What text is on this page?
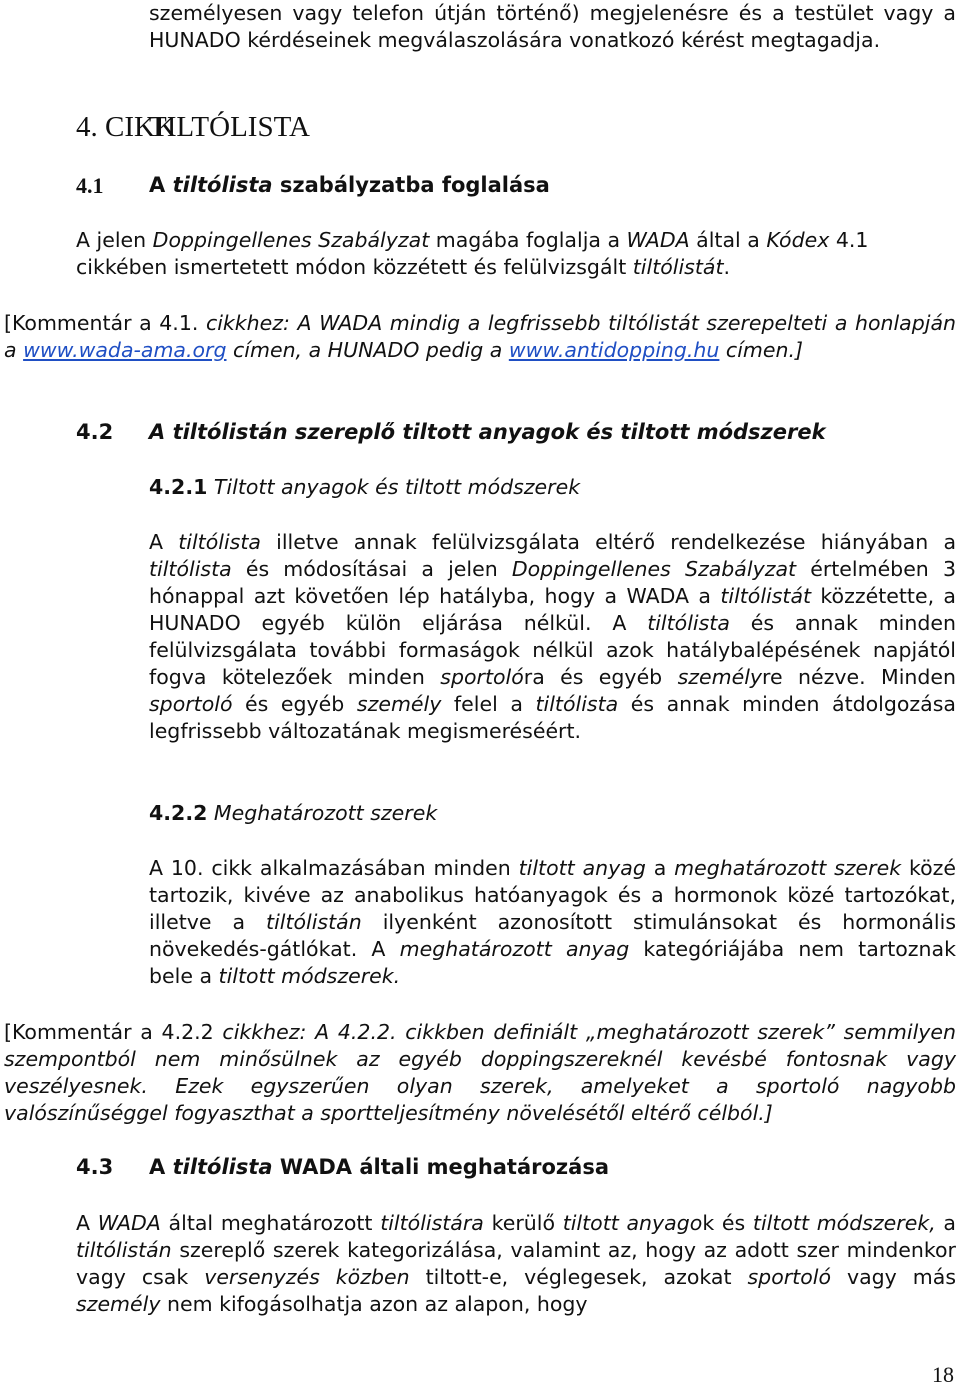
személyesen vagy telefon útján történő) megjelenésre és a testület vagy a HUNADO kérdéseinek megválaszolására vonatkozó kérést megtagadja.

4. CIKK
TILTÓLISTA
4.1 A tiltólista szabályzatba foglalása

A jelen Doppingellenes Szabályzat magába foglalja a WADA által a Kódex 4.1 cikkében ismertetett módon közzétett és felülvizsgált tiltólistát.

[Kommentár a 4.1. cikkhez: A WADA mindig a legfrissebb tiltólistát szerepelteti a honlapján a www.wada-ama.org címen, a HUNADO pedig a www.antidopping.hu címen.]

4.2 A tiltólistán szereplő tiltott anyagok és tiltott módszerek
4.2.1 Tiltott anyagok és tiltott módszerek

A tiltólista illetve annak felülvizsgálata eltérő rendelkezése hiányában a tiltólista és módosításai a jelen Doppingellenes Szabályzat értelmében 3 hónappal azt követően lép hatályba, hogy a WADA a tiltólistát közzétette, a HUNADO egyéb külön eljárása nélkül. A tiltólista és annak minden felülvizsgálata további formaságok nélkül azok hatálybalépésének napjától fogva kötelezőek minden sportolóra és egyéb személyre nézve. Minden sportoló és egyéb személy felel a tiltólista és annak minden átdolgozása legfrissebb változatának megismeréséért.

4.2.2 Meghatározott szerek

A 10. cikk alkalmazásában minden tiltott anyag a meghatározott szerek közé tartozik, kivéve az anabolikus hatóanyagok és a hormonok közé tartozókat, illetve a tiltólistán ilyenként azonosított stimulánsokat és hormonális növekedés-gátlókat. A meghatározott anyag kategóriájába nem tartoznak bele a tiltott módszerek.

[Kommentár a 4.2.2 cikkhez: A 4.2.2. cikkben definiált „meghatározott szerek” semmilyen szempontból nem minősülnek az egyéb doppingszereknél kevésbé fontosnak vagy veszélyesnek. Ezek egyszerűen olyan szerek, amelyeket a sportoló nagyobb valószínűséggel fogyaszthat a sportteljesítmény növelésétől eltérő célból.]

4.3 A tiltólista WADA általi meghatározása

A WADA által meghatározott tiltólistára kerülő tiltott anyagok és tiltott módszerek, a tiltólistán szereplő szerek kategorizálása, valamint az, hogy az adott szer mindenkor vagy csak versenyzés közben tiltott-e, véglegesek, azokat sportoló vagy más személy nem kifogásolhatja azon az alapon, hogy

18
